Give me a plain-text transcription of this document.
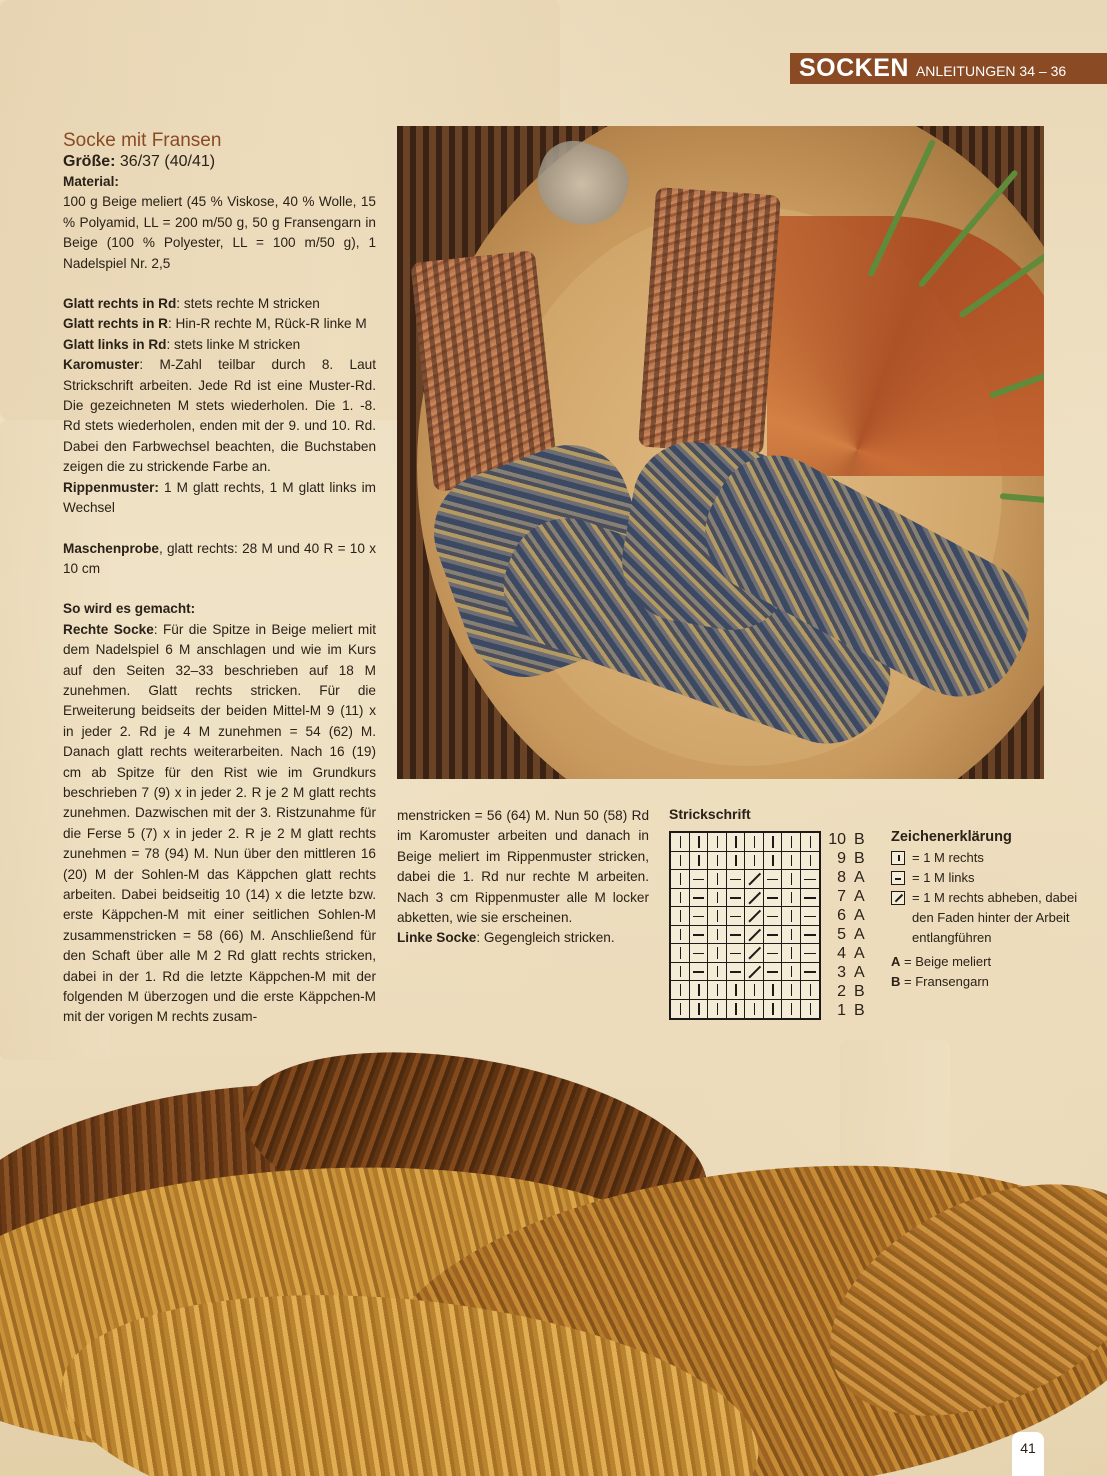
SOCKEN ANLEITUNGEN 34 – 36

Socke mit Fransen

Größe: 36/37 (40/41)

Material:

100 g Beige meliert (45 % Viskose, 40 % Wolle, 15 % Polyamid, LL = 200 m/50 g, 50 g Fransengarn in Beige (100 % Polyester, LL = 100 m/50 g), 1 Nadelspiel Nr. 2,5

Glatt rechts in Rd: stets rechte M stricken

Glatt rechts in R: Hin-R rechte M, Rück-R linke M

Glatt links in Rd: stets linke M stricken

Karomuster: M-Zahl teilbar durch 8. Laut Strickschrift arbeiten. Jede Rd ist eine Muster-Rd. Die gezeichneten M stets wiederholen. Die 1. -8. Rd stets wiederholen, enden mit der 9. und 10. Rd. Dabei den Farbwechsel beachten, die Buchstaben zeigen die zu strickende Farbe an.

Rippenmuster: 1 M glatt rechts, 1 M glatt links im Wechsel

Maschenprobe, glatt rechts: 28 M und 40 R = 10 x 10 cm

So wird es gemacht:

Rechte Socke: Für die Spitze in Beige meliert mit dem Nadelspiel 6 M anschlagen und wie im Kurs auf den Seiten 32–33 beschrieben auf 18 M zunehmen. Glatt rechts stricken. Für die Erweiterung beidseits der beiden Mittel-M 9 (11) x in jeder 2. Rd je 4 M zunehmen = 54 (62) M. Danach glatt rechts weiterarbeiten. Nach 16 (19) cm ab Spitze für den Rist wie im Grundkurs beschrieben 7 (9) x in jeder 2. R je 2 M glatt rechts zunehmen. Dazwischen mit der 3. Ristzunahme für die Ferse 5 (7) x in jeder 2. R je 2 M glatt rechts zunehmen = 78 (94) M. Nun über den mittleren 16 (20) M der Sohlen-M das Käppchen glatt rechts arbeiten. Dabei beidseitig 10 (14) x die letzte bzw. erste Käppchen-M mit einer seitlichen Sohlen-M zusammenstricken = 58 (66) M. Anschließend für den Schaft über alle M 2 Rd glatt rechts stricken, dabei in der 1. Rd die letzte Käppchen-M mit der folgenden M überzogen und die erste Käppchen-M mit der vorigen M rechts zusam-

menstricken = 56 (64) M. Nun 50 (58) Rd im Karomuster arbeiten und danach in Beige meliert im Rippenmuster stricken, dabei die 1. Rd nur rechte M arbeiten. Nach 3 cm Rippenmuster alle M locker abketten, wie sie erscheinen.

Linke Socke: Gegengleich stricken.

Strickschrift
10 B
9 B
8 A
7 A
6 A
5 A
4 A
3 A
2 B
1 B
Zeichenerklärung
= 1 M rechts
= 1 M links
= 1 M rechts abheben, dabei den Faden hinter der Arbeit entlangführen
A = Beige meliert
B = Fransengarn
41
